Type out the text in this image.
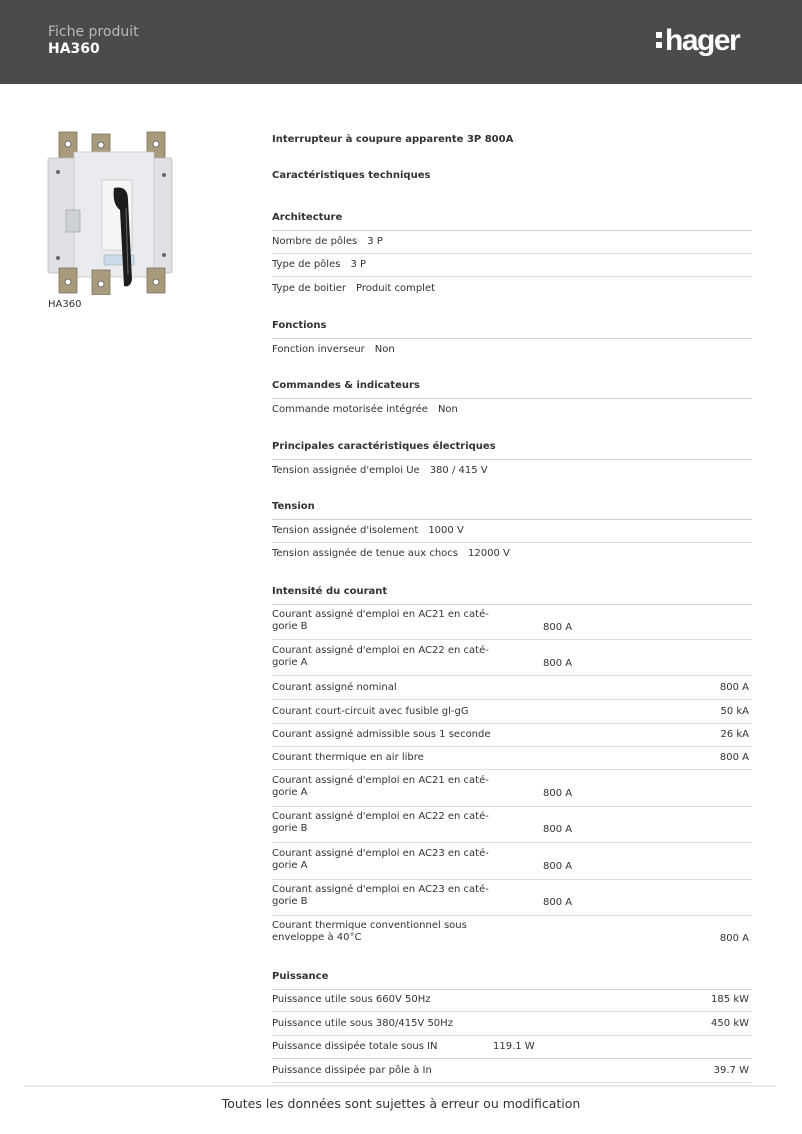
Fiche produit
HA360	hager
HA360
Interrupteur à coupure apparente 3P 800A
Caractéristiques techniques
Architecture
Nombre de pôles 3 P
Type de pôles 3 P
Type de boitier Produit complet
Fonctions
Fonction inverseur Non
Commandes & indicateurs
Commande motorisée intégrée Non
Principales caractéristiques électriques
Tension assignée d'emploi Ue 380 / 415 V
Tension
Tension assignée d'isolement 1000 V
Tension assignée de tenue aux chocs 12000 V
Intensité du courant
Courant assigné d'emploi en AC21 en caté-gorie B	800 A
Courant assigné d'emploi en AC22 en caté-gorie A	800 A
Courant assigné nominal	800 A
Courant court-circuit avec fusible gl-gG	50 kA
Courant assigné admissible sous 1 seconde	26 kA
Courant thermique en air libre	800 A
Courant assigné d'emploi en AC21 en caté-gorie A	800 A
Courant assigné d'emploi en AC22 en caté-gorie B	800 A
Courant assigné d'emploi en AC23 en caté-gorie A	800 A
Courant assigné d'emploi en AC23 en caté-gorie B	800 A
Courant thermique conventionnel sous enveloppe à 40°C	800 A
Puissance
Puissance utile sous 660V 50Hz	185 kW
Puissance utile sous 380/415V 50Hz	450 kW
Puissance dissipée totale sous IN	119.1 W
Puissance dissipée par pôle à In	39.7 W
Toutes les données sont sujettes à erreur ou modification
